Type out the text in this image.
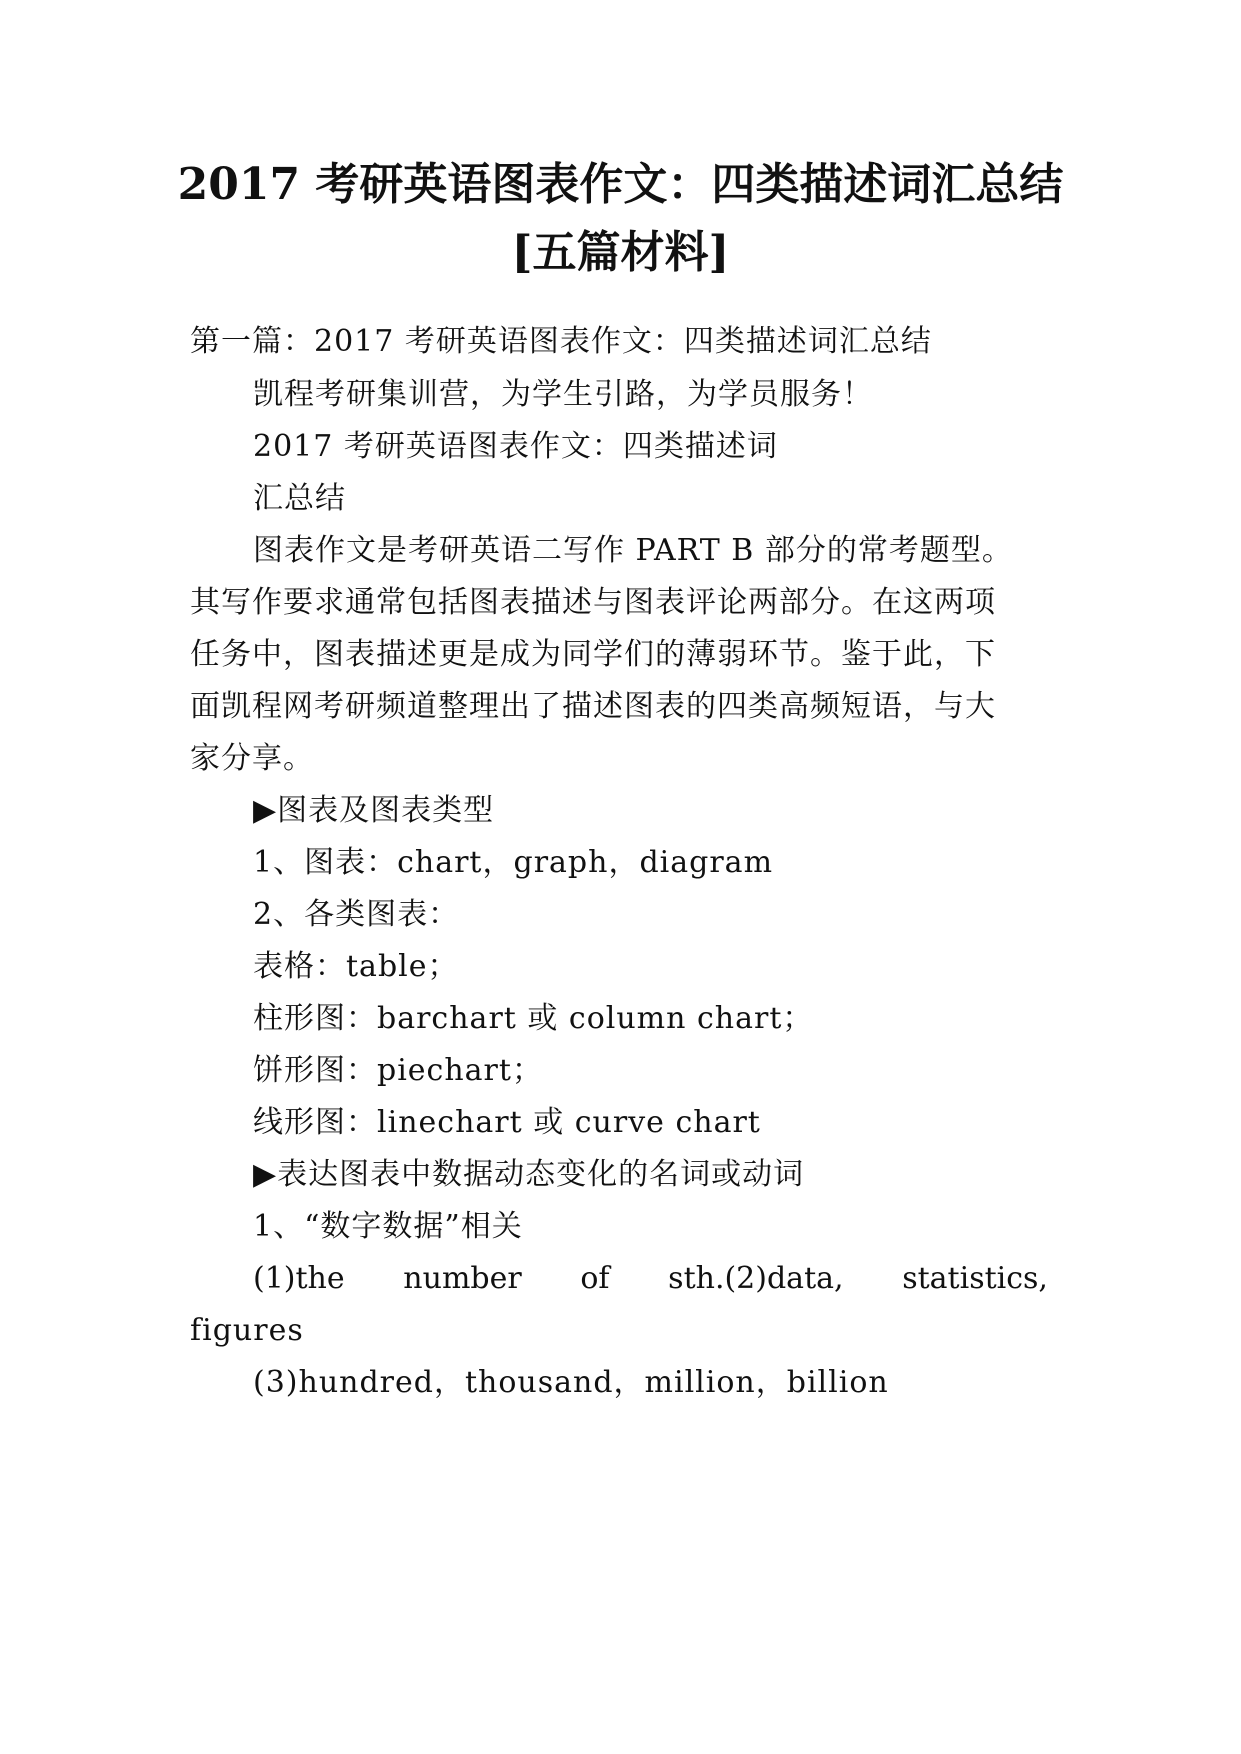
2017 考研英语图表作文：四类描述词汇总结
[五篇材料]
第一篇：2017 考研英语图表作文：四类描述词汇总结
凯程考研集训营，为学生引路，为学员服务！
2017 考研英语图表作文：四类描述词
汇总结
图表作文是考研英语二写作 PART B 部分的常考题型。
其写作要求通常包括图表描述与图表评论两部分。在这两项
任务中，图表描述更是成为同学们的薄弱环节。鉴于此，下
面凯程网考研频道整理出了描述图表的四类高频短语，与大
家分享。
▶图表及图表类型
1、图表：chart，graph，diagram
2、各类图表：
表格：table；
柱形图：barchart 或 column chart；
饼形图：piechart；
线形图：linechart 或 curve chart
▶表达图表中数据动态变化的名词或动词
1、“数字数据”相关
(1)the number of sth.(2)data, statistics,
figures
(3)hundred，thousand，million，billion
